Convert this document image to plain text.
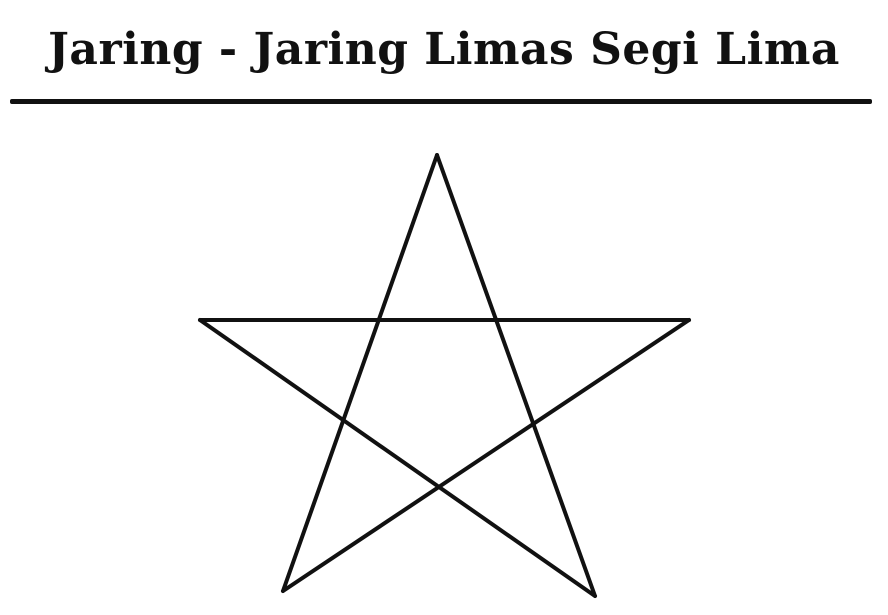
Jaring - Jaring Limas Segi Lima
